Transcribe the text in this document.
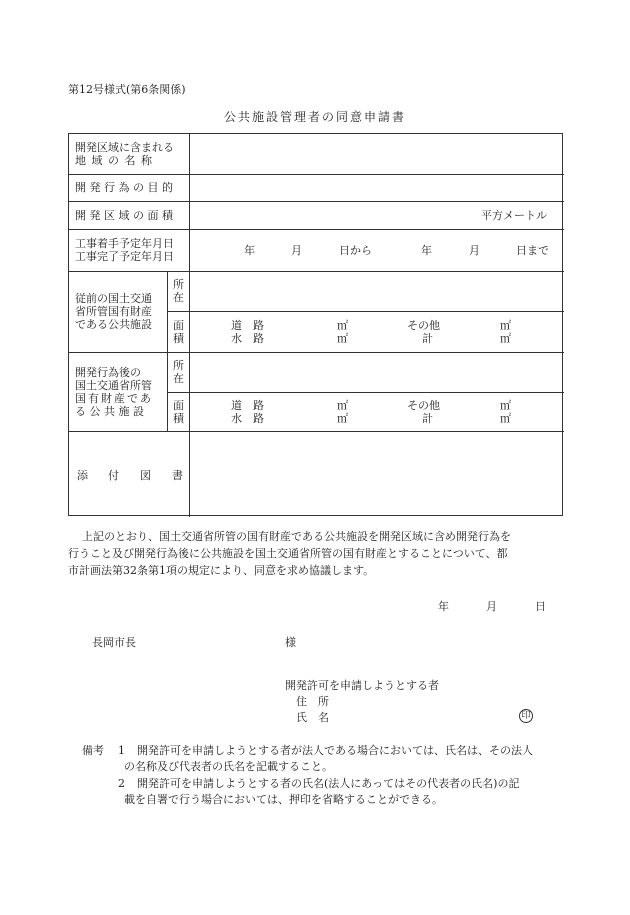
第12号様式(第6条関係)
公共施設管理者の同意申請書
開発区域に含まれる
地 域 の 名 称
開 発 行 為 の 目 的
開 発 区 域 の 面 積	平方メートル
工事着手予定年月日
工事完了予定年月日	年	月	日から	年	月	日まで
従前の国土交通
省所管国有財産
である公共施設
所
在
面
積
道　路	㎡	その他	㎡
水　路	㎡	計	㎡
開発行為後の
国土交通省所管
国有財産であ
る 公 共 施 設
所
在
面
積
道　路	㎡	その他	㎡
水　路	㎡	計	㎡
添 付 図 書
上記のとおり、国土交通省所管の国有財産である公共施設を開発区域に含め開発行為を
行うこと及び開発行為後に公共施設を国土交通省所管の国有財産とすることについて、都
市計画法第32条第1項の規定により、同意を求め協議します。
年	月	日
長岡市長	様
開発許可を申請しようとする者
住　所
氏　名	印
備考 1 開発許可を申請しようとする者が法人である場合においては、氏名は、その法人
の名称及び代表者の氏名を記載すること。
2 開発許可を申請しようとする者の氏名(法人にあってはその代表者の氏名)の記
載を自署で行う場合においては、押印を省略することができる。
